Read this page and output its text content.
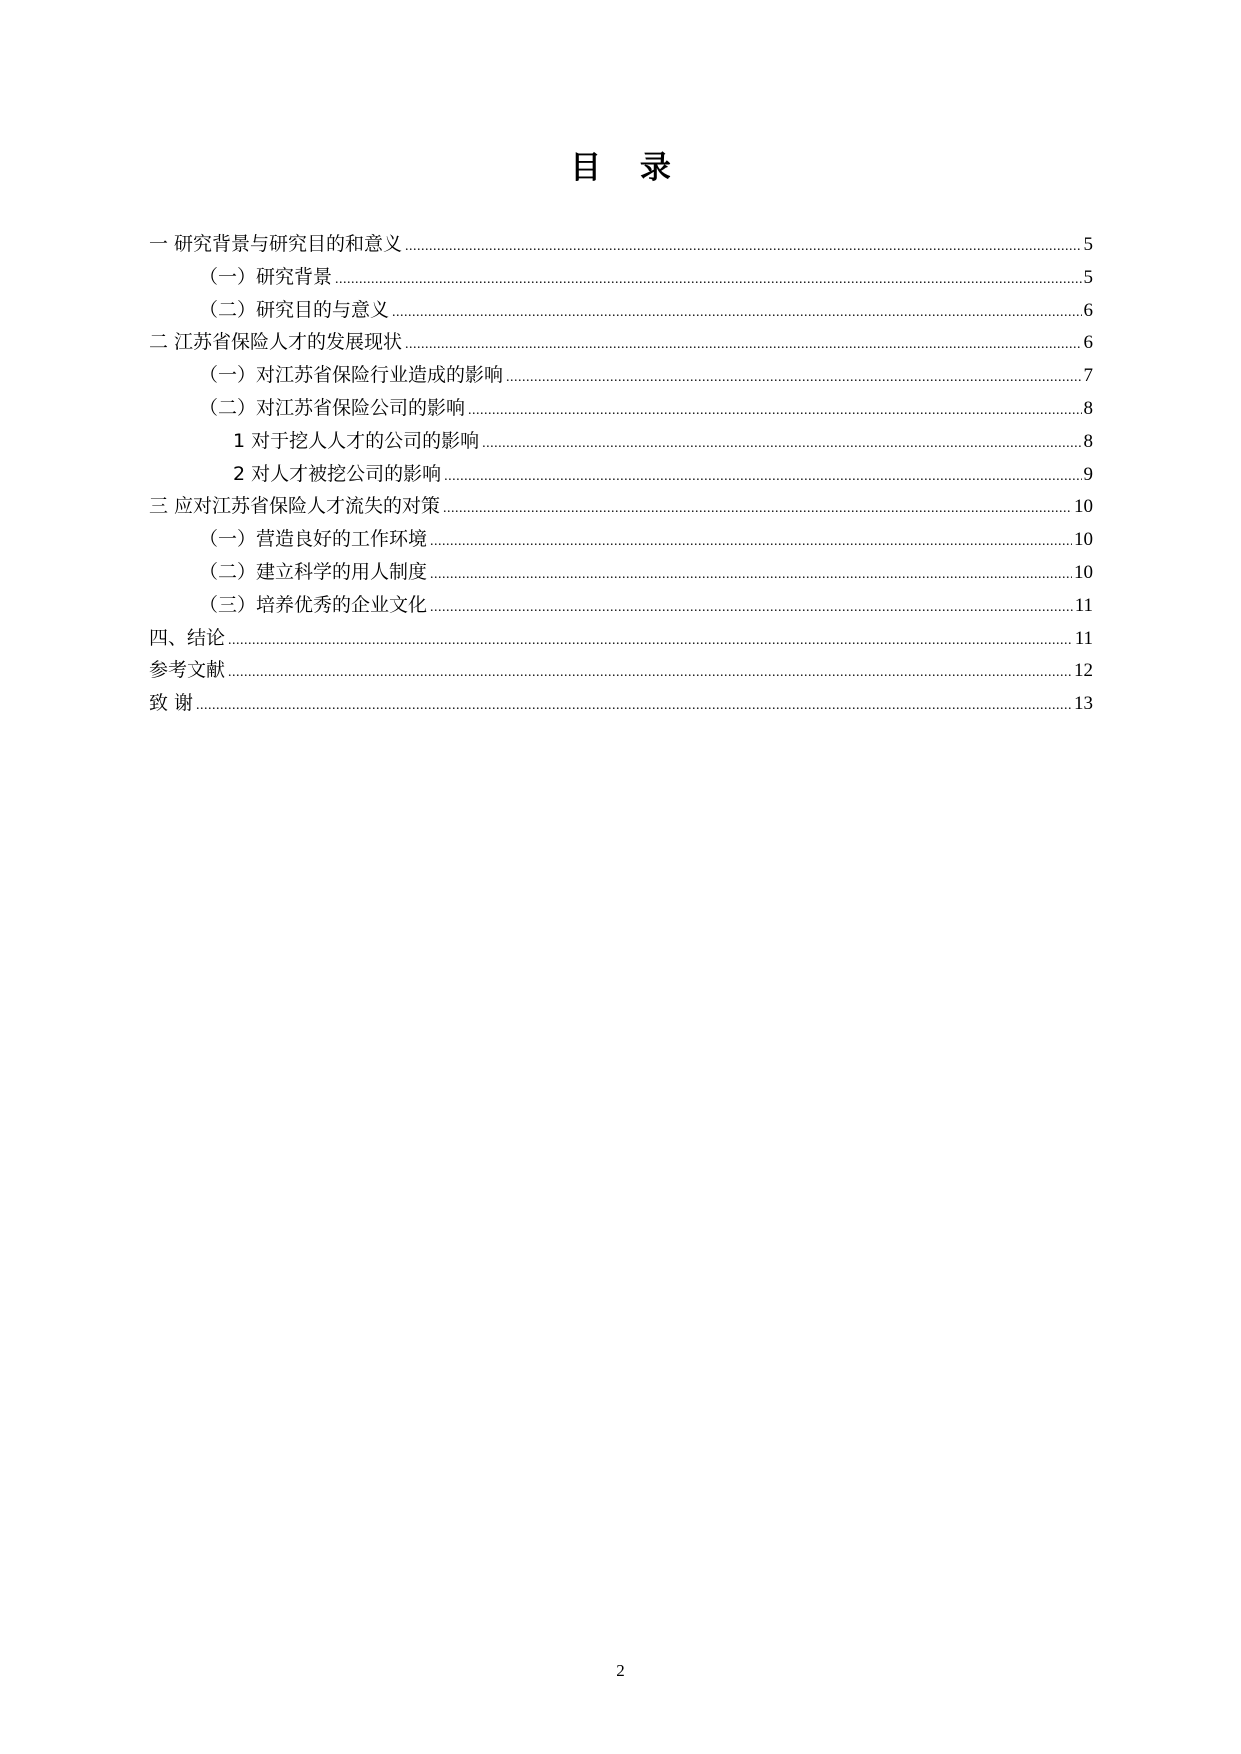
目 录
一 研究背景与研究目的和意义 .....	5
（一）研究背景 .....	5
（二）研究目的与意义 .....	6
二 江苏省保险人才的发展现状 .....	6
（一）对江苏省保险行业造成的影响 .....	7
（二）对江苏省保险公司的影响 .....	8
1 对于挖人人才的公司的影响 .....	8
2 对人才被挖公司的影响 .....	9
三 应对江苏省保险人才流失的对策 .....	10
（一）营造良好的工作环境 .....	10
（二）建立科学的用人制度 .....	10
（三）培养优秀的企业文化 .....	11
四、结论 .....	11
参考文献 .....	12
致 谢 .....	13
2
